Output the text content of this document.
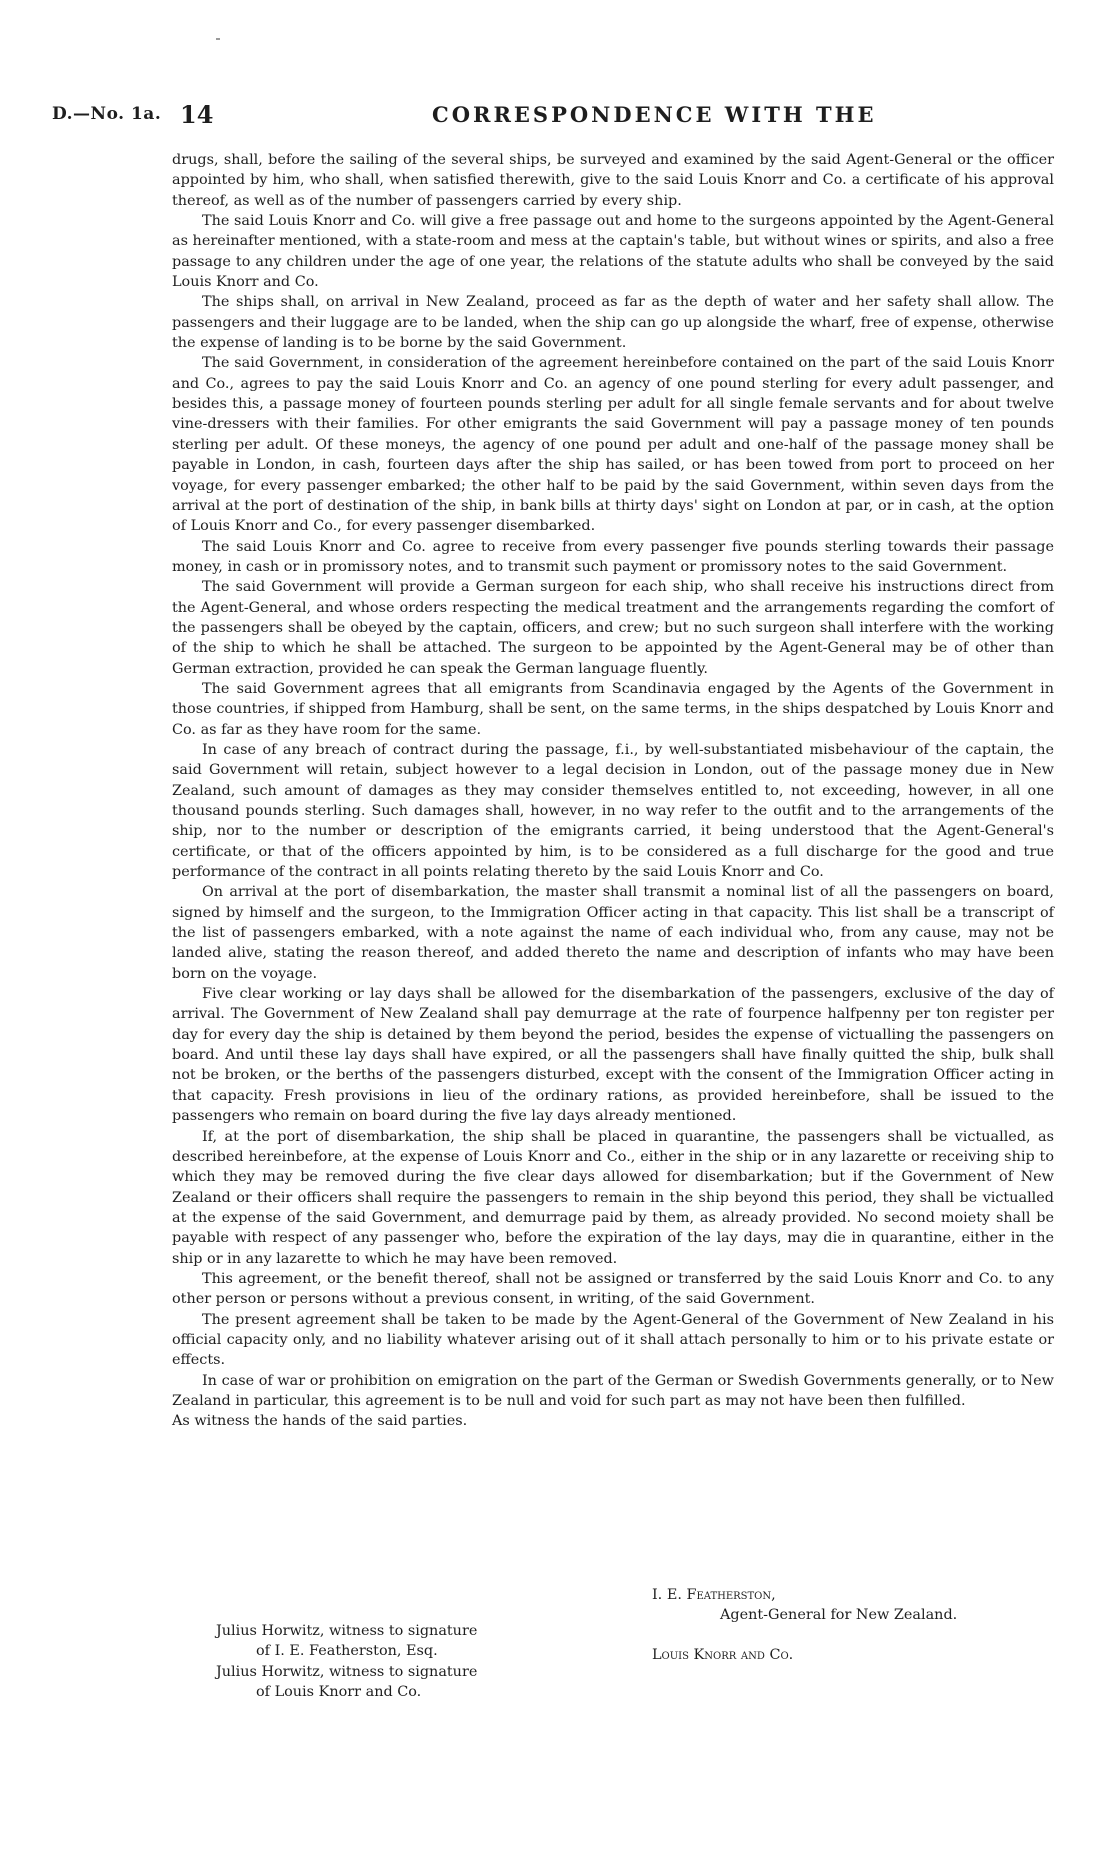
D.—No. 1a. 14	CORRESPONDENCE WITH THE

drugs, shall, before the sailing of the several ships, be surveyed and examined by the said Agent-General or the officer appointed by him, who shall, when satisfied therewith, give to the said Louis Knorr and Co. a certificate of his approval thereof, as well as of the number of passengers carried by every ship.

The said Louis Knorr and Co. will give a free passage out and home to the surgeons appointed by the Agent-General as hereinafter mentioned, with a state-room and mess at the captain's table, but without wines or spirits, and also a free passage to any children under the age of one year, the relations of the statute adults who shall be conveyed by the said Louis Knorr and Co.

The ships shall, on arrival in New Zealand, proceed as far as the depth of water and her safety shall allow. The passengers and their luggage are to be landed, when the ship can go up alongside the wharf, free of expense, otherwise the expense of landing is to be borne by the said Government.

The said Government, in consideration of the agreement hereinbefore contained on the part of the said Louis Knorr and Co., agrees to pay the said Louis Knorr and Co. an agency of one pound sterling for every adult passenger, and besides this, a passage money of fourteen pounds sterling per adult for all single female servants and for about twelve vine-dressers with their families. For other emigrants the said Government will pay a passage money of ten pounds sterling per adult. Of these moneys, the agency of one pound per adult and one-half of the passage money shall be payable in London, in cash, fourteen days after the ship has sailed, or has been towed from port to proceed on her voyage, for every passenger embarked; the other half to be paid by the said Government, within seven days from the arrival at the port of destination of the ship, in bank bills at thirty days' sight on London at par, or in cash, at the option of Louis Knorr and Co., for every passenger disembarked.

The said Louis Knorr and Co. agree to receive from every passenger five pounds sterling towards their passage money, in cash or in promissory notes, and to transmit such payment or promissory notes to the said Government.

The said Government will provide a German surgeon for each ship, who shall receive his instructions direct from the Agent-General, and whose orders respecting the medical treatment and the arrangements regarding the comfort of the passengers shall be obeyed by the captain, officers, and crew; but no such surgeon shall interfere with the working of the ship to which he shall be attached. The surgeon to be appointed by the Agent-General may be of other than German extraction, provided he can speak the German language fluently.

The said Government agrees that all emigrants from Scandinavia engaged by the Agents of the Government in those countries, if shipped from Hamburg, shall be sent, on the same terms, in the ships despatched by Louis Knorr and Co. as far as they have room for the same.

In case of any breach of contract during the passage, f.i., by well-substantiated misbehaviour of the captain, the said Government will retain, subject however to a legal decision in London, out of the passage money due in New Zealand, such amount of damages as they may consider themselves entitled to, not exceeding, however, in all one thousand pounds sterling. Such damages shall, however, in no way refer to the outfit and to the arrangements of the ship, nor to the number or description of the emigrants carried, it being understood that the Agent-General's certificate, or that of the officers appointed by him, is to be considered as a full discharge for the good and true performance of the contract in all points relating thereto by the said Louis Knorr and Co.

On arrival at the port of disembarkation, the master shall transmit a nominal list of all the passengers on board, signed by himself and the surgeon, to the Immigration Officer acting in that capacity. This list shall be a transcript of the list of passengers embarked, with a note against the name of each individual who, from any cause, may not be landed alive, stating the reason thereof, and added thereto the name and description of infants who may have been born on the voyage.

Five clear working or lay days shall be allowed for the disembarkation of the passengers, exclusive of the day of arrival. The Government of New Zealand shall pay demurrage at the rate of fourpence halfpenny per ton register per day for every day the ship is detained by them beyond the period, besides the expense of victualling the passengers on board. And until these lay days shall have expired, or all the passengers shall have finally quitted the ship, bulk shall not be broken, or the berths of the passengers disturbed, except with the consent of the Immigration Officer acting in that capacity. Fresh provisions in lieu of the ordinary rations, as provided hereinbefore, shall be issued to the passengers who remain on board during the five lay days already mentioned.

If, at the port of disembarkation, the ship shall be placed in quarantine, the passengers shall be victualled, as described hereinbefore, at the expense of Louis Knorr and Co., either in the ship or in any lazarette or receiving ship to which they may be removed during the five clear days allowed for disembarkation; but if the Government of New Zealand or their officers shall require the passengers to remain in the ship beyond this period, they shall be victualled at the expense of the said Government, and demurrage paid by them, as already provided. No second moiety shall be payable with respect of any passenger who, before the expiration of the lay days, may die in quarantine, either in the ship or in any lazarette to which he may have been removed.

This agreement, or the benefit thereof, shall not be assigned or transferred by the said Louis Knorr and Co. to any other person or persons without a previous consent, in writing, of the said Government.

The present agreement shall be taken to be made by the Agent-General of the Government of New Zealand in his official capacity only, and no liability whatever arising out of it shall attach personally to him or to his private estate or effects.

In case of war or prohibition on emigration on the part of the German or Swedish Governments generally, or to New Zealand in particular, this agreement is to be null and void for such part as may not have been then fulfilled.

As witness the hands of the said parties.

I. E. Featherston,
Agent-General for New Zealand.
Louis Knorr and Co.
Julius Horwitz, witness to signature
of I. E. Featherston, Esq.
Julius Horwitz, witness to signature
of Louis Knorr and Co.
